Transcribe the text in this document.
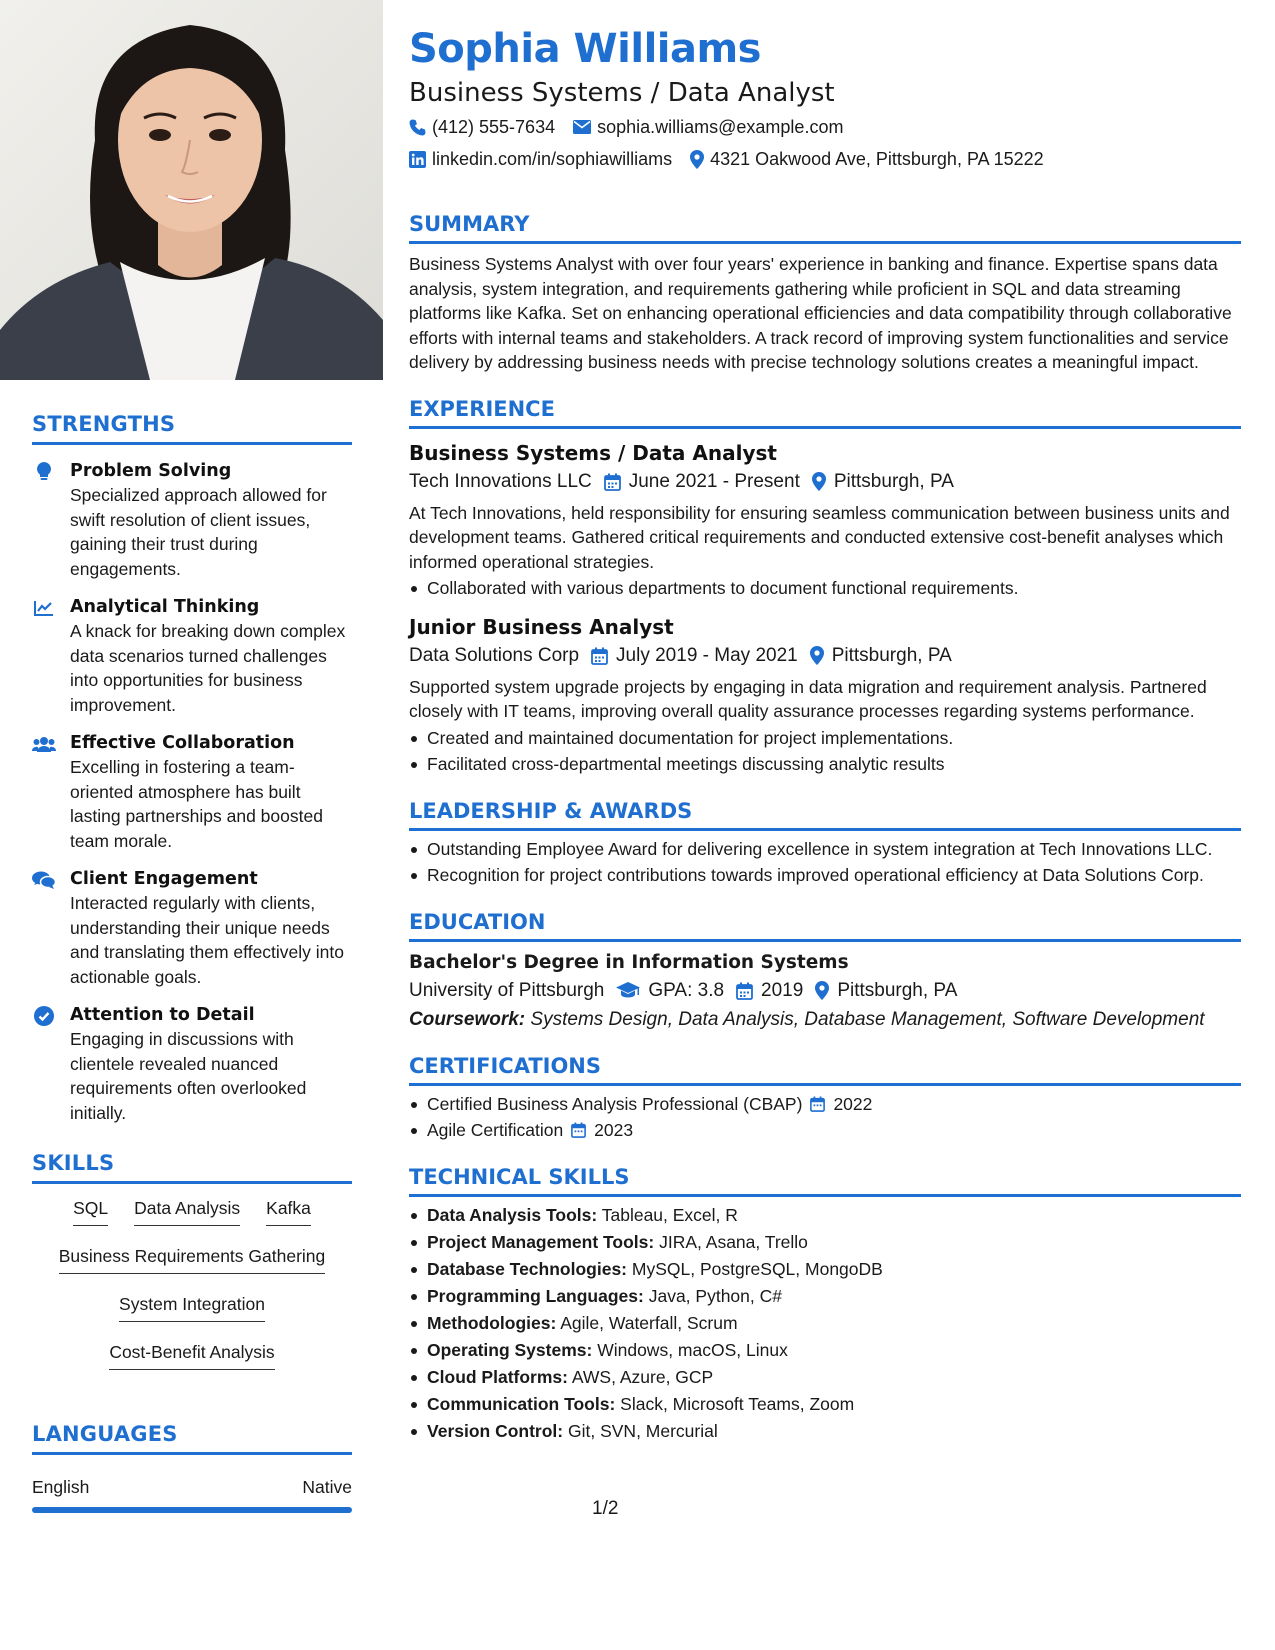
STRENGTHS
Problem Solving
Specialized approach allowed for swift resolution of client issues, gaining their trust during engagements.
Analytical Thinking
A knack for breaking down complex data scenarios turned challenges into opportunities for business improvement.
Effective Collaboration
Excelling in fostering a team-oriented atmosphere has built lasting partnerships and boosted team morale.
Client Engagement
Interacted regularly with clients, understanding their unique needs and translating them effectively into actionable goals.
Attention to Detail
Engaging in discussions with clientele revealed nuanced requirements often overlooked initially.
SKILLS
SQL Data Analysis Kafka
Business Requirements Gathering
System Integration
Cost-Benefit Analysis
LANGUAGES
English	Native
Sophia Williams
Business Systems / Data Analyst
(412) 555-7634 sophia.williams@example.com
linkedin.com/in/sophiawilliams 4321 Oakwood Ave, Pittsburgh, PA 15222
SUMMARY
Business Systems Analyst with over four years' experience in banking and finance. Expertise spans data analysis, system integration, and requirements gathering while proficient in SQL and data streaming platforms like Kafka. Set on enhancing operational efficiencies and data compatibility through collaborative efforts with internal teams and stakeholders. A track record of improving system functionalities and service delivery by addressing business needs with precise technology solutions creates a meaningful impact.
EXPERIENCE
Business Systems / Data Analyst
Tech Innovations LLC June 2021 - Present Pittsburgh, PA
At Tech Innovations, held responsibility for ensuring seamless communication between business units and development teams. Gathered critical requirements and conducted extensive cost-benefit analyses which informed operational strategies.
Collaborated with various departments to document functional requirements.
Junior Business Analyst
Data Solutions Corp July 2019 - May 2021 Pittsburgh, PA
Supported system upgrade projects by engaging in data migration and requirement analysis. Partnered closely with IT teams, improving overall quality assurance processes regarding systems performance.
Created and maintained documentation for project implementations.
Facilitated cross-departmental meetings discussing analytic results
LEADERSHIP & AWARDS
Outstanding Employee Award for delivering excellence in system integration at Tech Innovations LLC.
Recognition for project contributions towards improved operational efficiency at Data Solutions Corp.
EDUCATION
Bachelor's Degree in Information Systems
University of Pittsburgh GPA: 3.8 2019 Pittsburgh, PA
Coursework: Systems Design, Data Analysis, Database Management, Software Development
CERTIFICATIONS
Certified Business Analysis Professional (CBAP) 2022
Agile Certification 2023
TECHNICAL SKILLS
Data Analysis Tools: Tableau, Excel, R
Project Management Tools: JIRA, Asana, Trello
Database Technologies: MySQL, PostgreSQL, MongoDB
Programming Languages: Java, Python, C#
Methodologies: Agile, Waterfall, Scrum
Operating Systems: Windows, macOS, Linux
Cloud Platforms: AWS, Azure, GCP
Communication Tools: Slack, Microsoft Teams, Zoom
Version Control: Git, SVN, Mercurial
1/2
